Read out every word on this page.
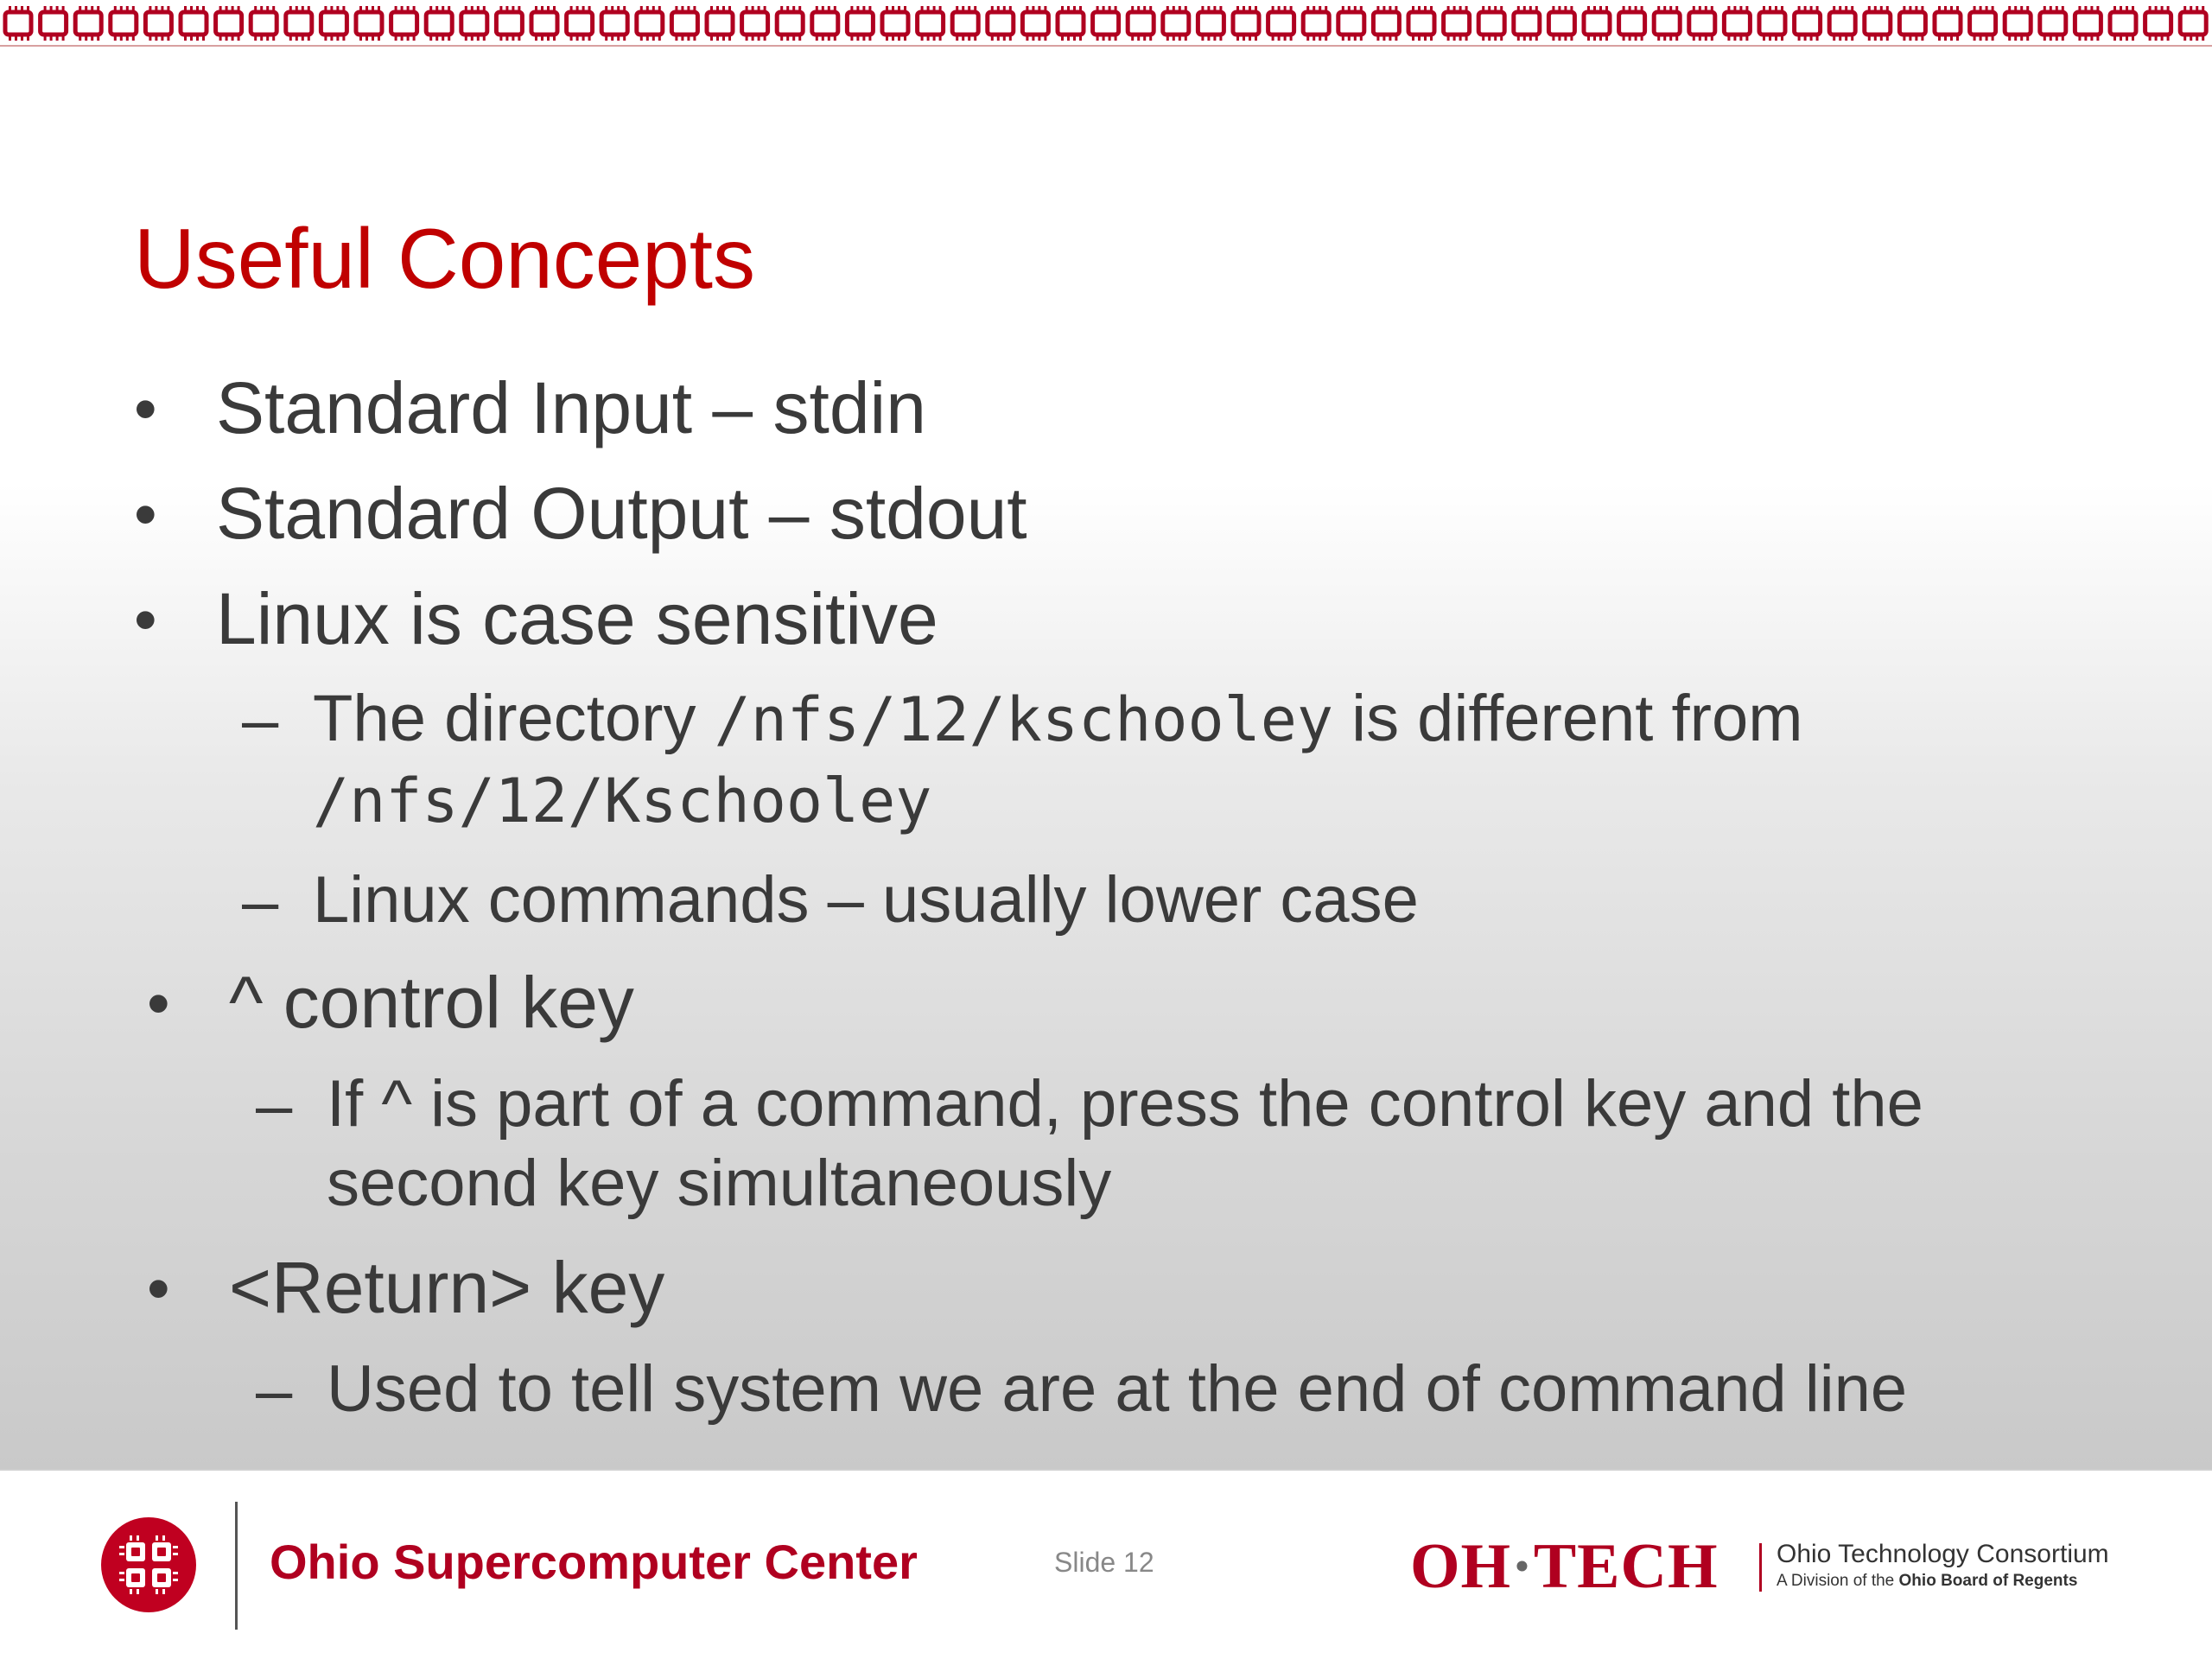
Useful Concepts
• Standard Input – stdin
• Standard Output – stdout
• Linux is case sensitive
– The directory /nfs/12/kschooley is different from
/nfs/12/Kschooley
– Linux commands – usually lower case
• ^ control key
– If ^ is part of a command, press the control key and the
second key simultaneously
• <Return> key
– Used to tell system we are at the end of command line
Ohio Supercomputer Center	Slide 12	OH·TECH Ohio Technology Consortium
A Division of the Ohio Board of Regents
